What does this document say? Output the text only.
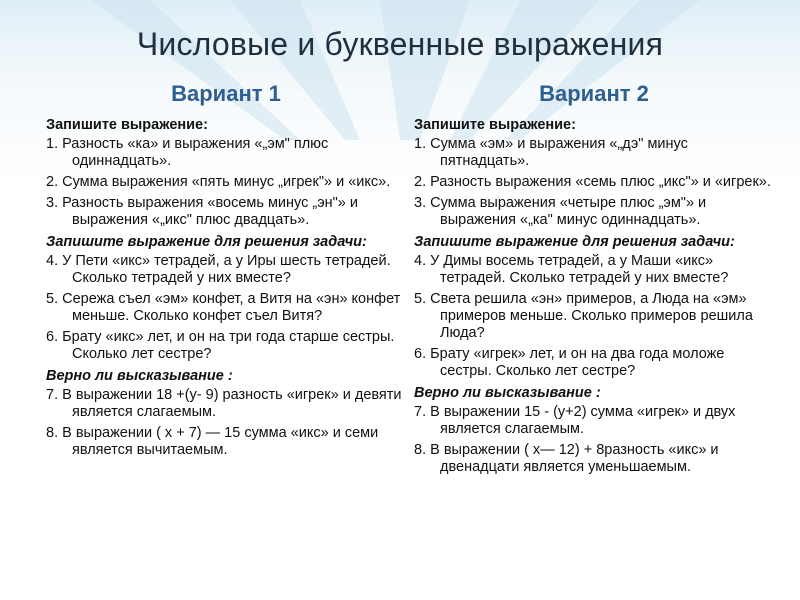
Числовые и буквенные выражения
Вариант 1
Запишите выражение:
1. Разность «ка» и выражения «„эм" плюс одиннадцать».
2. Сумма выражения «пять минус „игрек"» и «икс».
3. Разность выражения «восемь минус „эн"» и выражения «„икс" плюс двадцать».
Запишите выражение для решения задачи:
4. У Пети «икс» тетрадей, а у Иры шесть тетрадей. Сколько тетрадей у них вместе?
5. Сережа съел «эм» конфет, а Витя на «эн» конфет меньше. Сколько конфет съел Витя?
6. Брату «икс» лет, и он на три года старше сестры. Сколько лет сестре?
Верно ли высказывание :
7. В выражении 18 +(у- 9) разность «игрек» и девяти является слагаемым.
8. В выражении ( х + 7) — 15 сумма «икс» и семи является вычитаемым.
Вариант 2
Запишите выражение:
1. Сумма «эм» и выражения «„дэ" минус пятнадцать».
2. Разность выражения «семь плюс „икс"» и «игрек».
3. Сумма выражения «четыре плюс „эм"» и выражения «„ка" минус одиннадцать».
Запишите выражение для решения задачи:
4. У Димы восемь тетрадей, а у Маши «икс» тетрадей. Сколько тетрадей у них вместе?
5. Света решила «эн» примеров, а Люда на «эм» примеров меньше. Сколько примеров решила Люда?
6. Брату «игрек» лет, и он на два года моложе сестры. Сколько лет сестре?
Верно ли высказывание :
7. В выражении 15 - (у+2) сумма «игрек» и двух является слагаемым.
8. В выражении ( х— 12) + 8разность «икс» и двенадцати является уменьшаемым.
